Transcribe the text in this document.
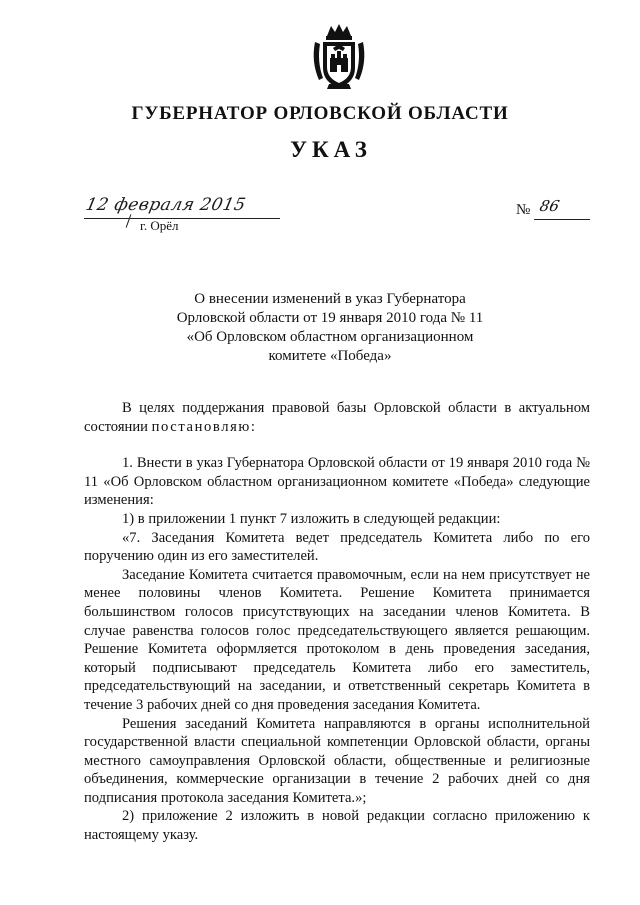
ГУБЕРНАТОР ОРЛОВСКОЙ ОБЛАСТИ
УКАЗ
12 февраля 2015
г. Орёл
№ 86
О внесении изменений в указ Губернатора
Орловской области от 19 января 2010 года № 11
«Об Орловском областном организационном
комитете «Победа»

В целях поддержания правовой базы Орловской области в актуальном состоянии постановляю:

1. Внести в указ Губернатора Орловской области от 19 января 2010 года № 11 «Об Орловском областном организационном комитете «Победа» следующие изменения:

1) в приложении 1 пункт 7 изложить в следующей редакции:

«7. Заседания Комитета ведет председатель Комитета либо по его поручению один из его заместителей.

Заседание Комитета считается правомочным, если на нем присутствует не менее половины членов Комитета. Решение Комитета принимается большинством голосов присутствующих на заседании членов Комитета. В случае равенства голосов голос председательствующего является решающим. Решение Комитета оформляется протоколом в день проведения заседания, который подписывают председатель Комитета либо его заместитель, председательствующий на заседании, и ответственный секретарь Комитета в течение 3 рабочих дней со дня проведения заседания Комитета.

Решения заседаний Комитета направляются в органы исполнительной государственной власти специальной компетенции Орловской области, органы местного самоуправления Орловской области, общественные и религиозные объединения, коммерческие организации в течение 2 рабочих дней со дня подписания протокола заседания Комитета.»;

2) приложение 2 изложить в новой редакции согласно приложению к настоящему указу.
